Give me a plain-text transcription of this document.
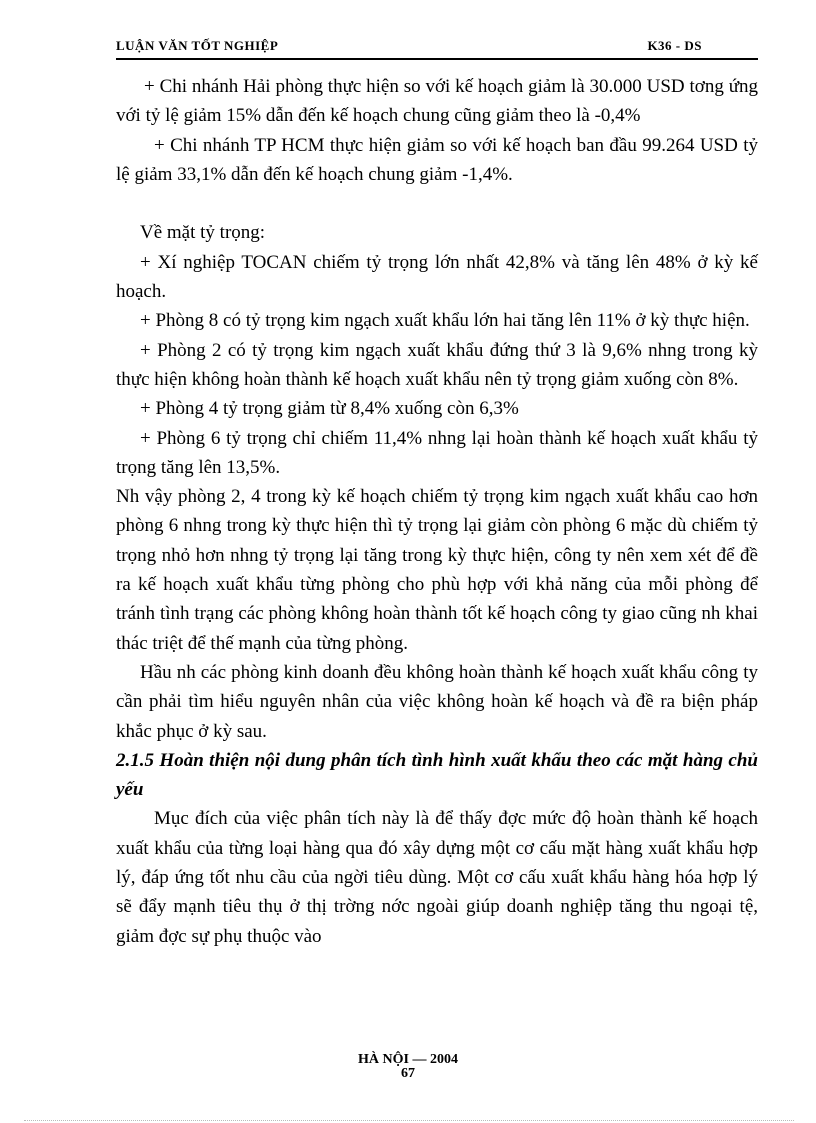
LUẬN VĂN TỐT NGHIỆP	K36 - DS

+ Chi nhánh Hải phòng thực hiện so với kế hoạch giảm là 30.000 USD tơng ứng với tỷ lệ giảm 15% dẫn đến kế hoạch chung cũng giảm theo là -0,4%

+ Chi nhánh TP HCM thực hiện giảm so với kế hoạch ban đầu 99.264 USD tỷ lệ giảm 33,1% dẫn đến kế hoạch chung giảm -1,4%.

Về mặt tỷ trọng:

+ Xí nghiệp TOCAN chiếm tỷ trọng lớn nhất 42,8% và tăng lên 48% ở kỳ kế hoạch.

+ Phòng 8 có tỷ trọng kim ngạch xuất khẩu lớn hai tăng lên 11% ở kỳ thực hiện.

+ Phòng 2 có tỷ trọng kim ngạch xuất khẩu đứng thứ 3 là 9,6% nhng trong kỳ thực hiện không hoàn thành kế hoạch xuất khẩu nên tỷ trọng giảm xuống còn 8%.

+ Phòng 4 tỷ trọng giảm từ 8,4% xuống còn 6,3%

+ Phòng 6 tỷ trọng chỉ chiếm 11,4% nhng lại hoàn thành kế hoạch xuất khẩu tỷ trọng tăng lên 13,5%.

Nh vậy phòng 2, 4 trong kỳ kế hoạch chiếm tỷ trọng kim ngạch xuất khẩu cao hơn phòng 6 nhng trong kỳ thực hiện thì tỷ trọng lại giảm còn phòng 6 mặc dù chiếm tỷ trọng nhỏ hơn nhng tỷ trọng lại tăng trong kỳ thực hiện, công ty nên xem xét để đề ra kế hoạch xuất khẩu từng phòng cho phù hợp với khả năng của mỗi phòng để tránh tình trạng các phòng không hoàn thành tốt kế hoạch công ty giao cũng nh khai thác triệt để thế mạnh của từng phòng.

Hầu nh các phòng kinh doanh đều không hoàn thành kế hoạch xuất khẩu công ty cần phải tìm hiểu nguyên nhân của việc không hoàn kế hoạch và đề ra biện pháp khắc phục ở kỳ sau.

2.1.5 Hoàn thiện nội dung phân tích tình hình xuất khẩu theo các mặt hàng chủ yếu

Mục đích của việc phân tích này là để thấy đợc mức độ hoàn thành kế hoạch xuất khẩu của từng loại hàng qua đó xây dựng một cơ cấu mặt hàng xuất khẩu hợp lý, đáp ứng tốt nhu cầu của ngời tiêu dùng. Một cơ cấu xuất khẩu hàng hóa hợp lý sẽ đẩy mạnh tiêu thụ ở thị trờng nớc ngoài giúp doanh nghiệp tăng thu ngoại tệ, giảm đợc sự phụ thuộc vào

HÀ NỘI — 2004
67
